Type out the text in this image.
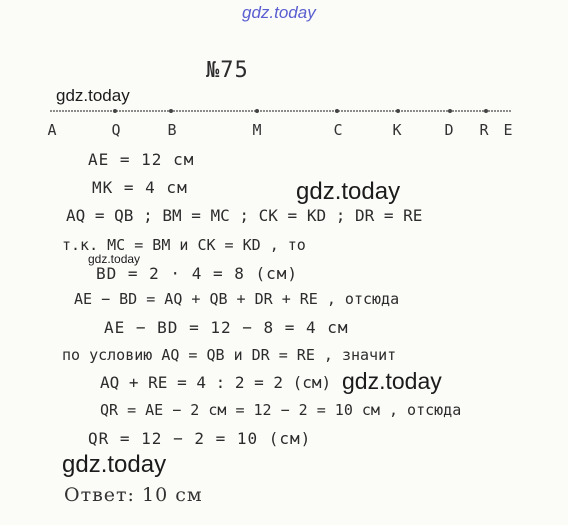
gdz.today
gdz.today
gdz.today
gdz.today
gdz.today
gdz.today
№75
A	Q	B	M	C	K	D R E
AE = 12 см
MK = 4 см
AQ = QB ; BM = MC ; CK = KD ; DR = RE
т.к. MC = BM и CK = KD , то
BD = 2 · 4 = 8 (см)
AE − BD = AQ + QB + DR + RE , отсюда
AE − BD = 12 − 8 = 4 см
по условию AQ = QB и DR = RE , значит
AQ + RE = 4 : 2 = 2 (см)
QR = AE − 2 см = 12 − 2 = 10 см , отсюда
QR = 12 − 2 = 10 (см)
Ответ: 10 см
